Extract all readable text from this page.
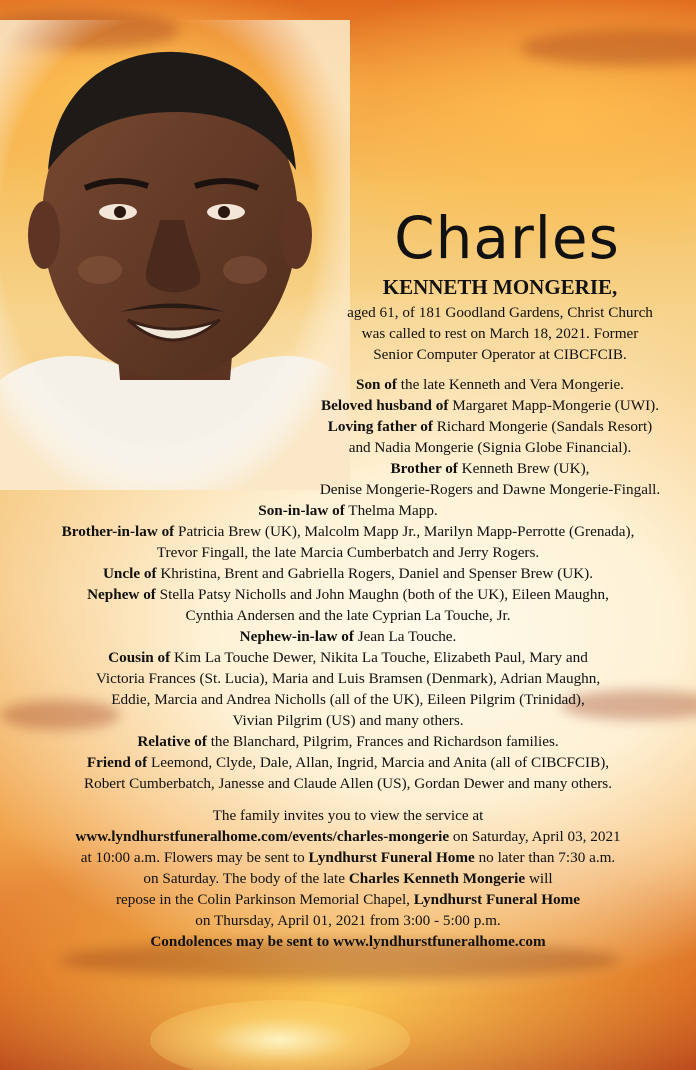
Charles
KENNETH MONGERIE,
aged 61, of 181 Goodland Gardens, Christ Church
was called to rest on March 18, 2021. Former
Senior Computer Operator at CIBCFCIB.
Son of the late Kenneth and Vera Mongerie.
Beloved husband of Margaret Mapp-Mongerie (UWI).
Loving father of Richard Mongerie (Sandals Resort)
and Nadia Mongerie (Signia Globe Financial).
Brother of Kenneth Brew (UK),
Denise Mongerie-Rogers and Dawne Mongerie-Fingall.
Son-in-law of Thelma Mapp.
Brother-in-law of Patricia Brew (UK), Malcolm Mapp Jr., Marilyn Mapp-Perrotte (Grenada),
Trevor Fingall, the late Marcia Cumberbatch and Jerry Rogers.
Uncle of Khristina, Brent and Gabriella Rogers, Daniel and Spenser Brew (UK).
Nephew of Stella Patsy Nicholls and John Maughn (both of the UK), Eileen Maughn,
Cynthia Andersen and the late Cyprian La Touche, Jr.
Nephew-in-law of Jean La Touche.
Cousin of Kim La Touche Dewer, Nikita La Touche, Elizabeth Paul, Mary and
Victoria Frances (St. Lucia), Maria and Luis Bramsen (Denmark), Adrian Maughn,
Eddie, Marcia and Andrea Nicholls (all of the UK), Eileen Pilgrim (Trinidad),
Vivian Pilgrim (US) and many others.
Relative of the Blanchard, Pilgrim, Frances and Richardson families.
Friend of Leemond, Clyde, Dale, Allan, Ingrid, Marcia and Anita (all of CIBCFCIB),
Robert Cumberbatch, Janesse and Claude Allen (US), Gordan Dewer and many others.
The family invites you to view the service at
www.lyndhurstfuneralhome.com/events/charles-mongerie on Saturday, April 03, 2021
at 10:00 a.m. Flowers may be sent to Lyndhurst Funeral Home no later than 7:30 a.m.
on Saturday. The body of the late Charles Kenneth Mongerie will
repose in the Colin Parkinson Memorial Chapel, Lyndhurst Funeral Home
on Thursday, April 01, 2021 from 3:00 - 5:00 p.m.
Condolences may be sent to www.lyndhurstfuneralhome.com
